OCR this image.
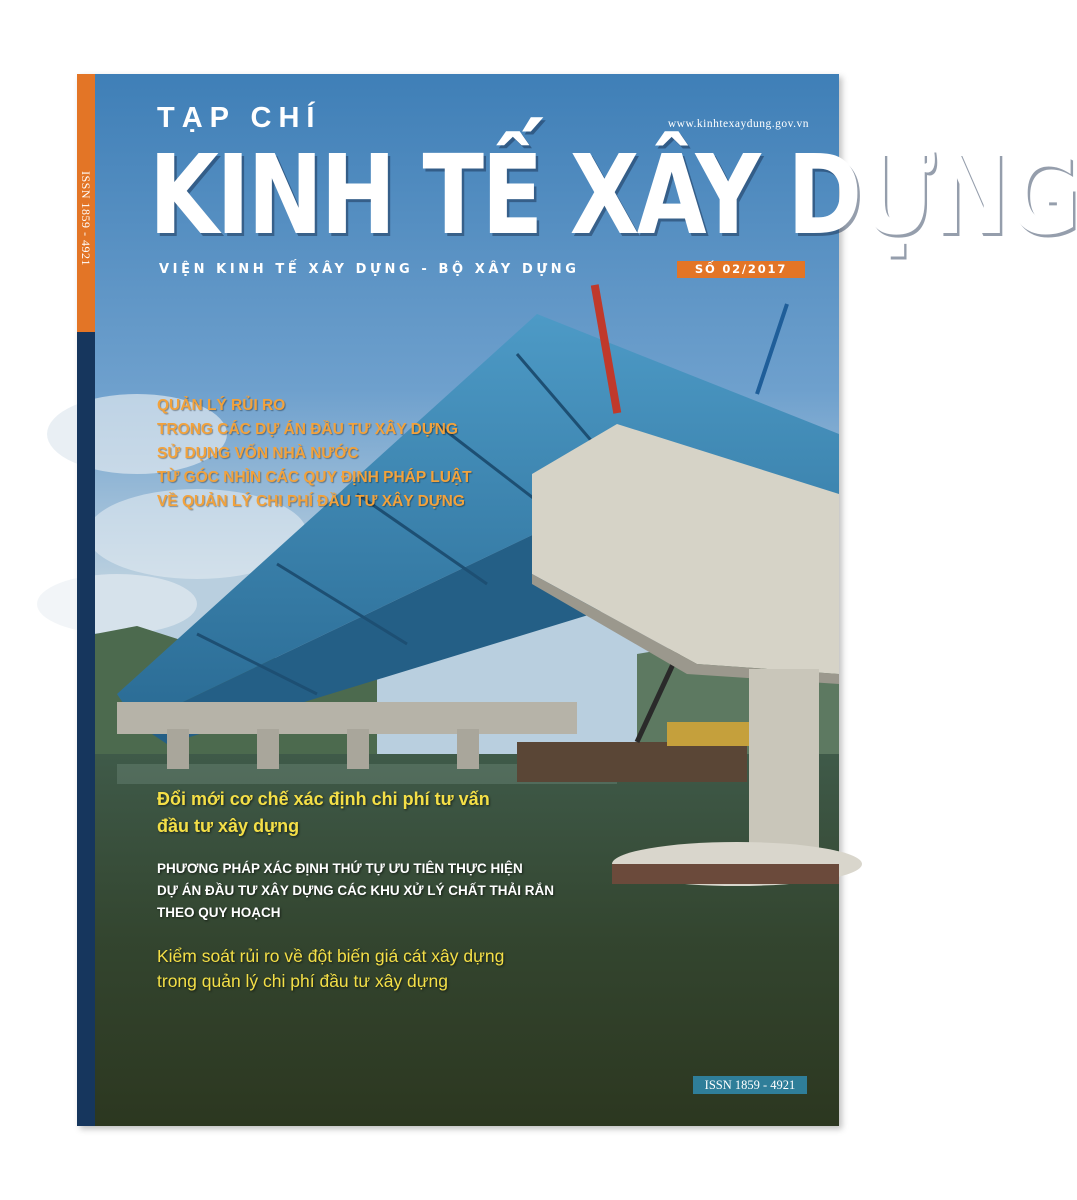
ISSN 1859 - 4921
TẠP CHÍ	www.kinhtexaydung.gov.vn
KINH TẾ XÂY DỰNG
VIỆN KINH TẾ XÂY DỰNG - BỘ XÂY DỰNG	SỐ 02/2017
QUẢN LÝ RỦI RO
TRONG CÁC DỰ ÁN ĐẦU TƯ XÂY DỰNG
SỬ DỤNG VỐN NHÀ NƯỚC
TỪ GÓC NHÌN CÁC QUY ĐỊNH PHÁP LUẬT
VỀ QUẢN LÝ CHI PHÍ ĐẦU TƯ XÂY DỰNG
Đổi mới cơ chế xác định chi phí tư vấn
đầu tư xây dựng
PHƯƠNG PHÁP XÁC ĐỊNH THỨ TỰ ƯU TIÊN THỰC HIỆN
DỰ ÁN ĐẦU TƯ XÂY DỰNG CÁC KHU XỬ LÝ CHẤT THẢI RẮN
THEO QUY HOẠCH
Kiểm soát rủi ro về đột biến giá cát xây dựng
trong quản lý chi phí đầu tư xây dựng
ISSN 1859 - 4921
